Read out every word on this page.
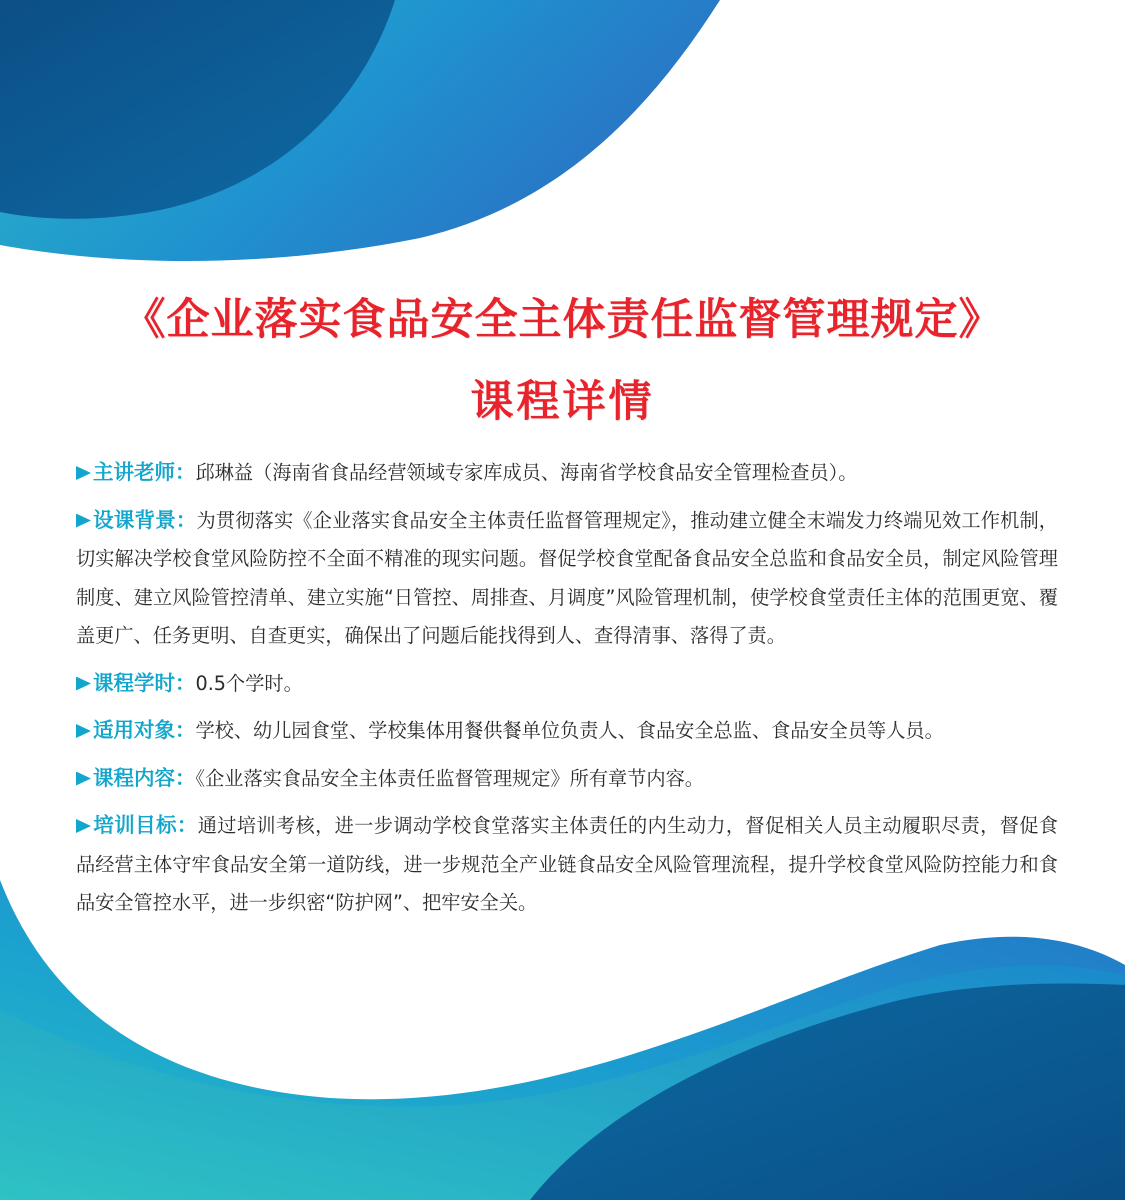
《企业落实食品安全主体责任监督管理规定》
课程详情

主讲老师：邱琳益（海南省食品经营领域专家库成员、海南省学校食品安全管理检查员）。

设课背景：为贯彻落实《企业落实食品安全主体责任监督管理规定》，推动建立健全末端发力终端见效工作机制，切实解决学校食堂风险防控不全面不精准的现实问题。督促学校食堂配备食品安全总监和食品安全员，制定风险管理制度、建立风险管控清单、建立实施“日管控、周排查、月调度”风险管理机制，使学校食堂责任主体的范围更宽、覆盖更广、任务更明、自查更实，确保出了问题后能找得到人、查得清事、落得了责。

课程学时：0.5个学时。

适用对象：学校、幼儿园食堂、学校集体用餐供餐单位负责人、食品安全总监、食品安全员等人员。

课程内容：《企业落实食品安全主体责任监督管理规定》所有章节内容。

培训目标：通过培训考核，进一步调动学校食堂落实主体责任的内生动力，督促相关人员主动履职尽责，督促食品经营主体守牢食品安全第一道防线，进一步规范全产业链食品安全风险管理流程，提升学校食堂风险防控能力和食品安全管控水平，进一步织密“防护网”、把牢安全关。
